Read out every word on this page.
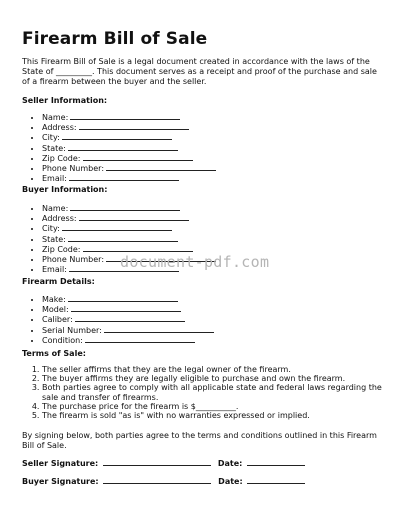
Firearm Bill of Sale

This Firearm Bill of Sale is a legal document created in accordance with the laws of the State of _________. This document serves as a receipt and proof of the purchase and sale of a firearm between the buyer and the seller.

Seller Information:

• Name:
• Address:
• City:
• State:
• Zip Code:
• Phone Number:
• Email:

Buyer Information:

• Name:
• Address:
• City:
• State:
• Zip Code:
• Phone Number:
• Email:

Firearm Details:

• Make:
• Model:
• Caliber:
• Serial Number:
• Condition:

Terms of Sale:

1. The seller affirms that they are the legal owner of the firearm.
2. The buyer affirms they are legally eligible to purchase and own the firearm.
3. Both parties agree to comply with all applicable state and federal laws regarding the sale and transfer of firearms.
4. The purchase price for the firearm is $__________.
5. The firearm is sold "as is" with no warranties expressed or implied.

By signing below, both parties agree to the terms and conditions outlined in this Firearm Bill of Sale.

Seller Signature:	Date:
Buyer Signature:	Date:
document-pdf.com
